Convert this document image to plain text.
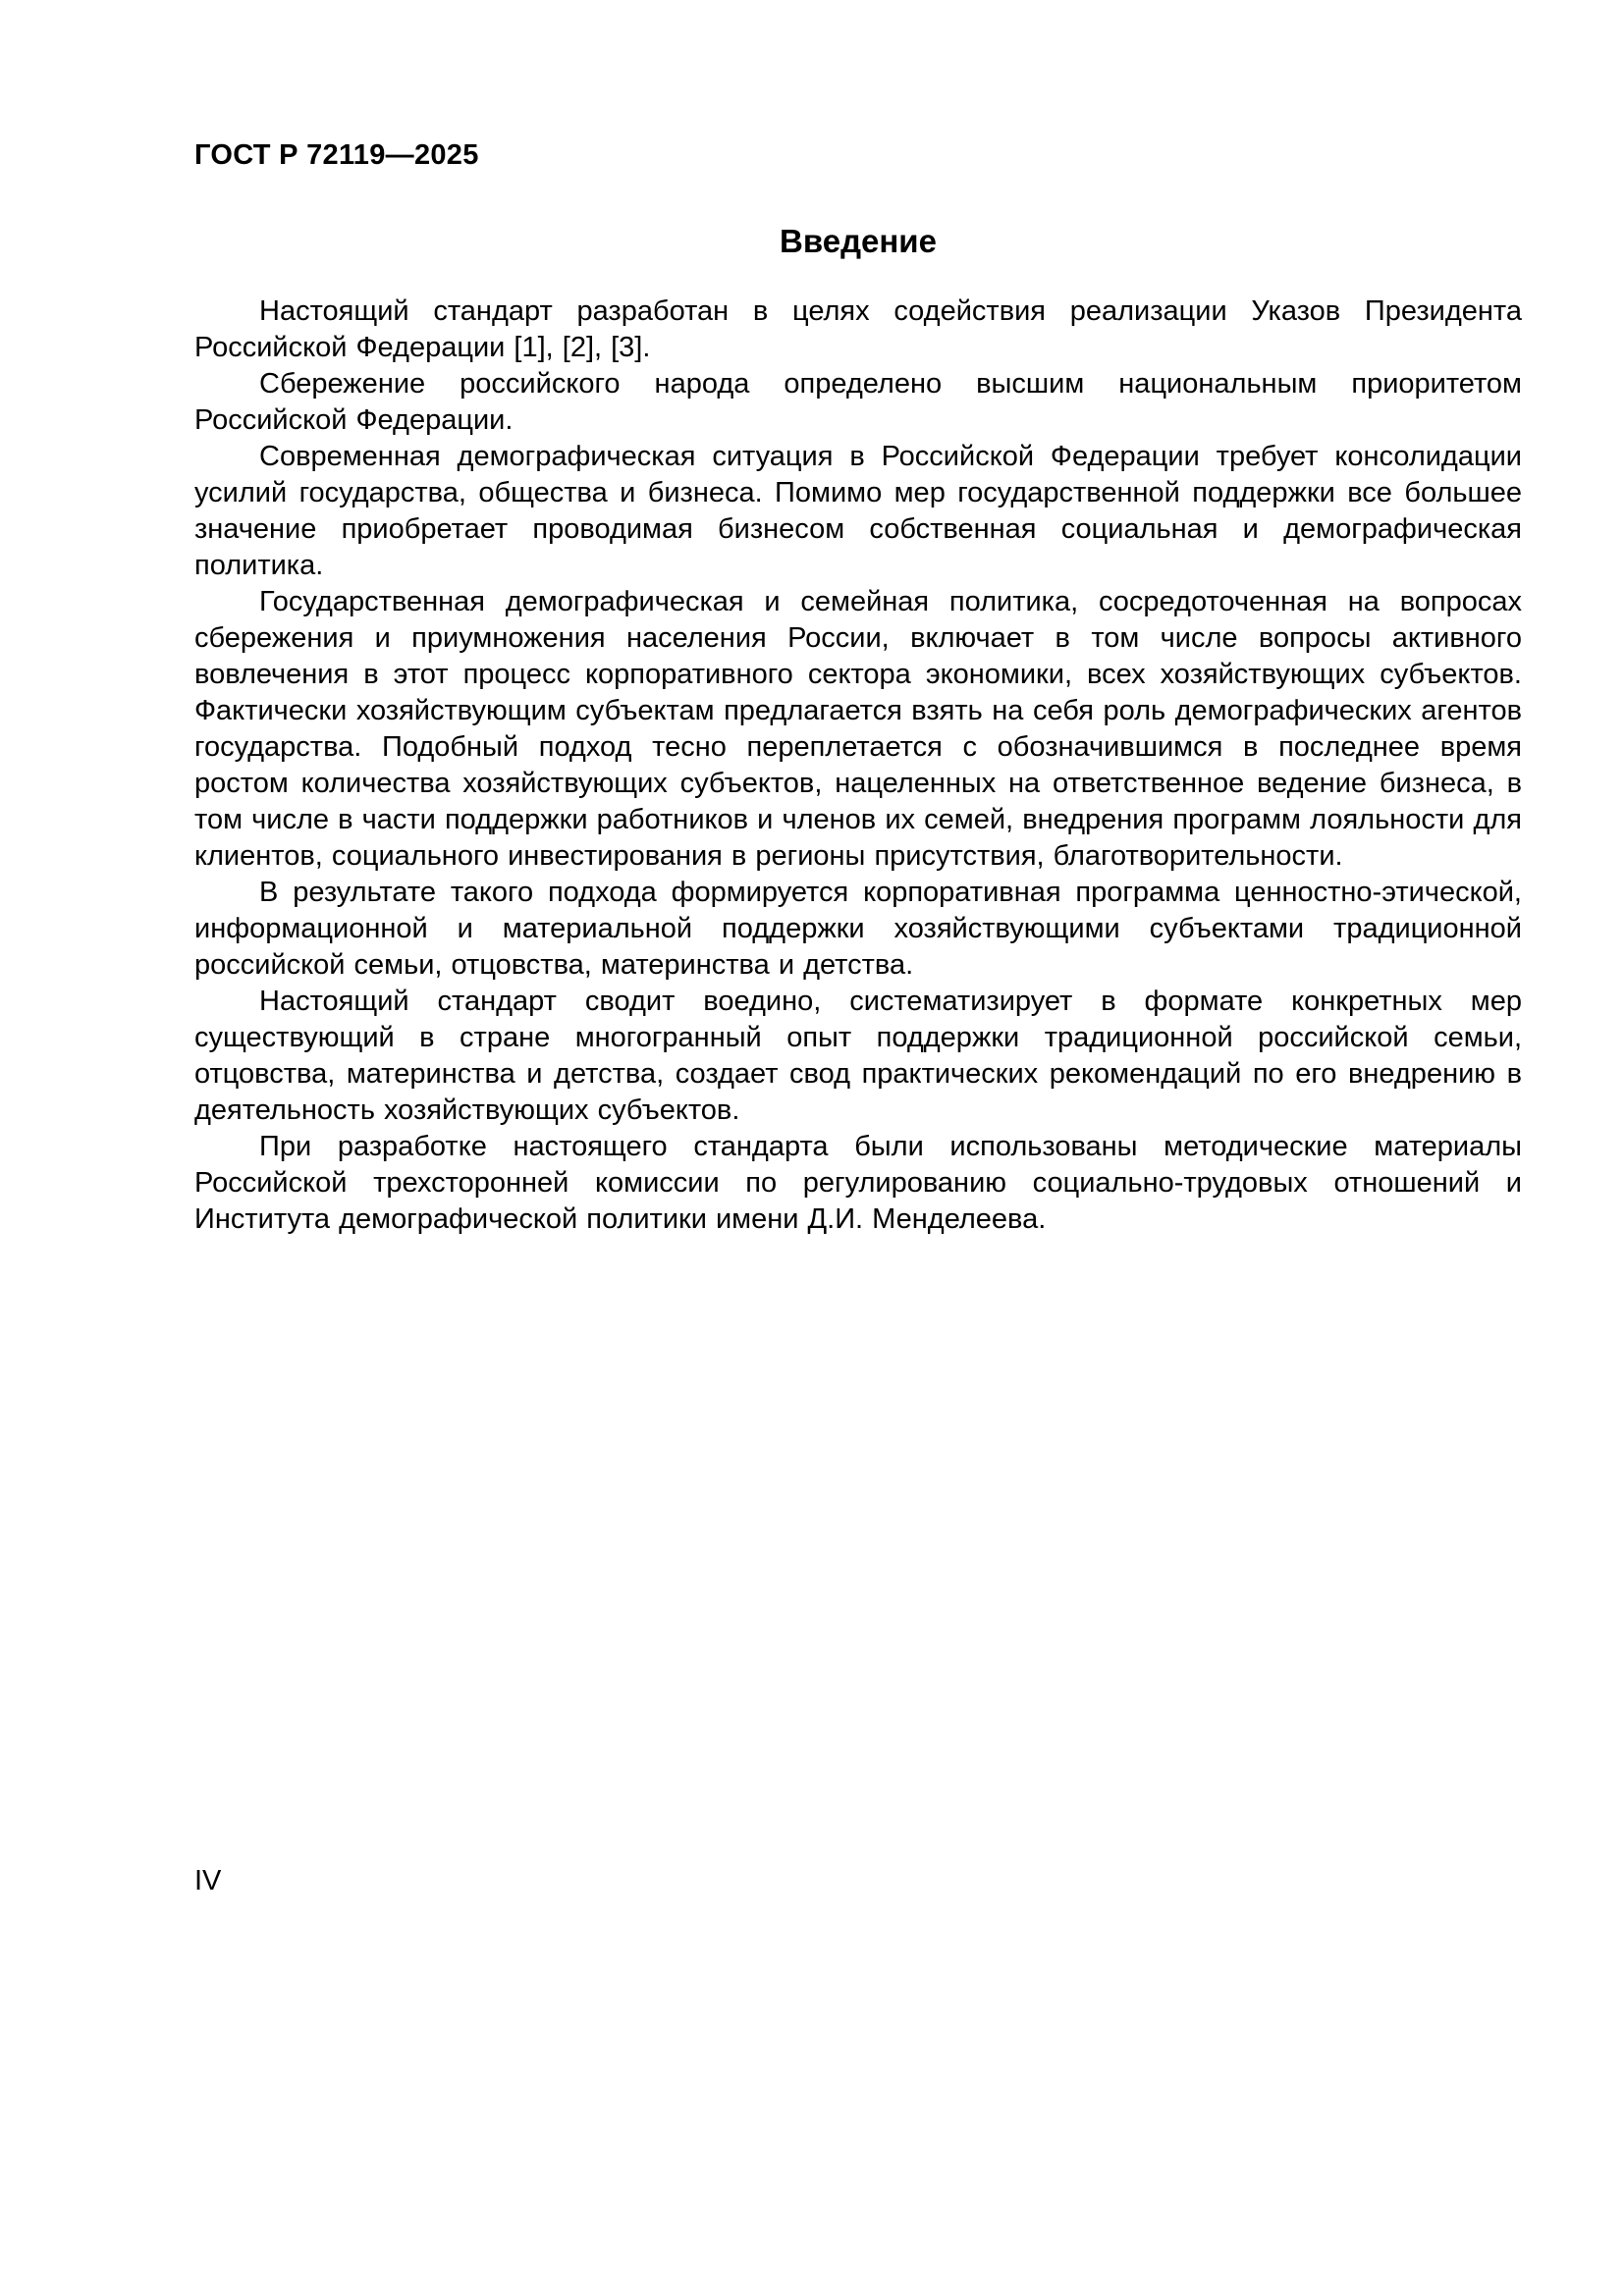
ГОСТ Р 72119—2025
Введение

Настоящий стандарт разработан в целях содействия реализации Указов Президента Российской Федерации [1], [2], [3].

Сбережение российского народа определено высшим национальным приоритетом Российской Федерации.

Современная демографическая ситуация в Российской Федерации требует консолидации усилий государства, общества и бизнеса. Помимо мер государственной поддержки все большее значение приобретает проводимая бизнесом собственная социальная и демографическая политика.

Государственная демографическая и семейная политика, сосредоточенная на вопросах сбережения и приумножения населения России, включает в том числе вопросы активного вовлечения в этот процесс корпоративного сектора экономики, всех хозяйствующих субъектов. Фактически хозяйствующим субъектам предлагается взять на себя роль демографических агентов государства. Подобный подход тесно переплетается с обозначившимся в последнее время ростом количества хозяйствующих субъектов, нацеленных на ответственное ведение бизнеса, в том числе в части поддержки работников и членов их семей, внедрения программ лояльности для клиентов, социального инвестирования в регионы присутствия, благотворительности.

В результате такого подхода формируется корпоративная программа ценностно-этической, информационной и материальной поддержки хозяйствующими субъектами традиционной российской семьи, отцовства, материнства и детства.

Настоящий стандарт сводит воедино, систематизирует в формате конкретных мер существующий в стране многогранный опыт поддержки традиционной российской семьи, отцовства, материнства и детства, создает свод практических рекомендаций по его внедрению в деятельность хозяйствующих субъектов.

При разработке настоящего стандарта были использованы методические материалы Российской трехсторонней комиссии по регулированию социально-трудовых отношений и Института демографической политики имени Д.И. Менделеева.

IV
